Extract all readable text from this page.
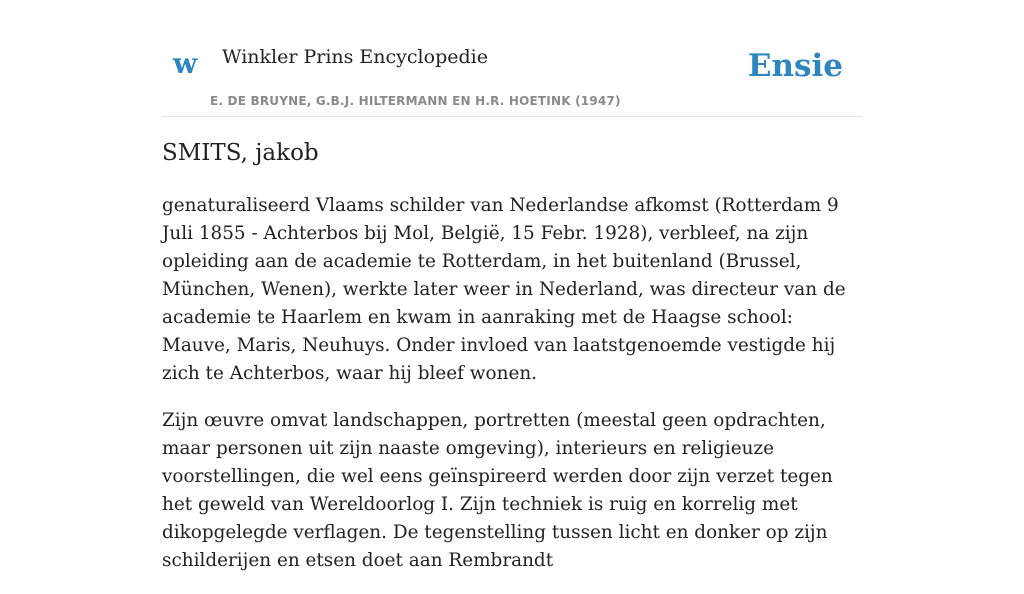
w Winkler Prins Encyclopedie
E. DE BRUYNE, G.B.J. HILTERMANN EN H.R. HOETINK (1947)
Ensie
SMITS, jakob

genaturaliseerd Vlaams schilder van Nederlandse afkomst (Rotterdam 9 Juli 1855 - Achterbos bij Mol, België, 15 Febr. 1928), verbleef, na zijn opleiding aan de academie te Rotterdam, in het buitenland (Brussel, München, Wenen), werkte later weer in Nederland, was directeur van de academie te Haarlem en kwam in aanraking met de Haagse school: Mauve, Maris, Neuhuys. Onder invloed van laatstgenoemde vestigde hij zich te Achterbos, waar hij bleef wonen.

Zijn œuvre omvat landschappen, portretten (meestal geen opdrachten, maar personen uit zijn naaste omgeving), interieurs en religieuze voorstellingen, die wel eens geïnspireerd werden door zijn verzet tegen het geweld van Wereldoorlog I. Zijn techniek is ruig en korrelig met dikopgelegde verflagen. De tegenstelling tussen licht en donker op zijn schilderijen en etsen doet aan Rembrandt
